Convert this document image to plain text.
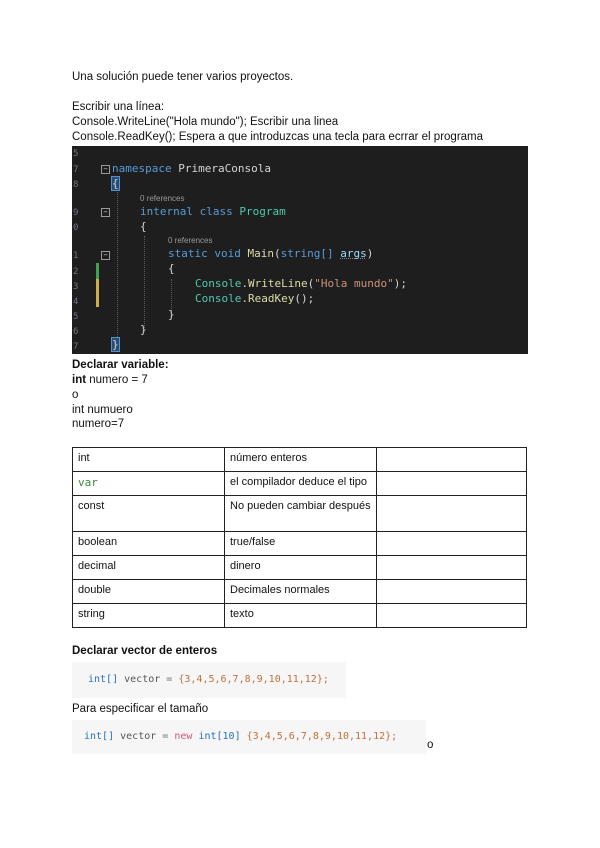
Una solución puede tener varios proyectos.
Escribir una línea:
Console.WriteLine("Hola mundo"); Escribir una linea
Console.ReadKey(); Espera a que introduzcas una tecla para ecrrar el programa
5
7
8
9
0
1
2
3
4
5
6
7
−
−
−
namespace PrimeraConsola
{
0 references
internal class Program
{
0 references
static void Main(string[] args)
{
Console.WriteLine("Hola mundo");
Console.ReadKey();
}
}
}
Declarar variable:
int numero = 7
o
int numuero
numero=7
int	número enteros	
var	el compilador deduce el tipo	
const	No pueden cambiar después	
boolean	true/false	
decimal	dinero	
double	Decimales normales	
string	texto	
Declarar vector de enteros
int[] vector = {3,4,5,6,7,8,9,10,11,12};
Para especificar el tamaño
int[] vector = new int[10] {3,4,5,6,7,8,9,10,11,12};
o
